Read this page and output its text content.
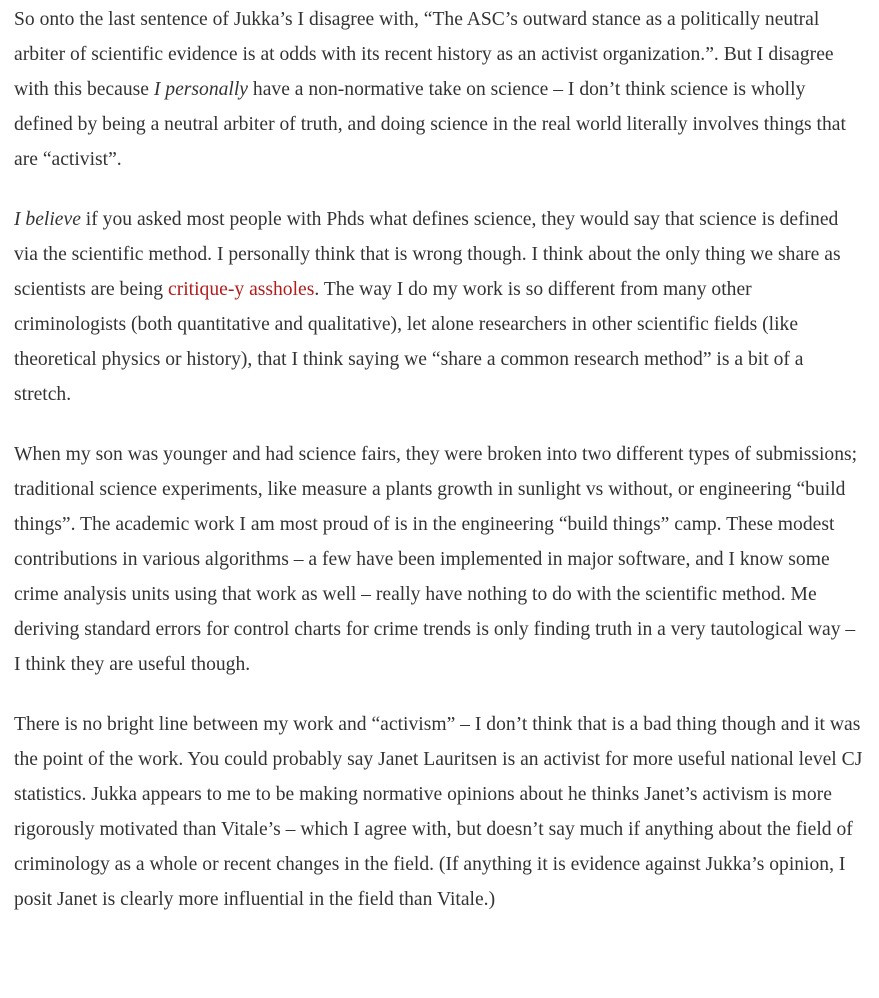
So onto the last sentence of Jukka’s I disagree with, “The ASC’s outward stance as a politically neutral arbiter of scientific evidence is at odds with its recent history as an activist organization.”. But I disagree with this because I personally have a non-normative take on science – I don’t think science is wholly defined by being a neutral arbiter of truth, and doing science in the real world literally involves things that are “activist”.

I believe if you asked most people with Phds what defines science, they would say that science is defined via the scientific method. I personally think that is wrong though. I think about the only thing we share as scientists are being critique-y assholes. The way I do my work is so different from many other criminologists (both quantitative and qualitative), let alone researchers in other scientific fields (like theoretical physics or history), that I think saying we “share a common research method” is a bit of a stretch.

When my son was younger and had science fairs, they were broken into two different types of submissions; traditional science experiments, like measure a plants growth in sunlight vs without, or engineering “build things”. The academic work I am most proud of is in the engineering “build things” camp. These modest contributions in various algorithms – a few have been implemented in major software, and I know some crime analysis units using that work as well – really have nothing to do with the scientific method. Me deriving standard errors for control charts for crime trends is only finding truth in a very tautological way – I think they are useful though.

There is no bright line between my work and “activism” – I don’t think that is a bad thing though and it was the point of the work. You could probably say Janet Lauritsen is an activist for more useful national level CJ statistics. Jukka appears to me to be making normative opinions about he thinks Janet’s activism is more rigorously motivated than Vitale’s – which I agree with, but doesn’t say much if anything about the field of criminology as a whole or recent changes in the field. (If anything it is evidence against Jukka’s opinion, I posit Janet is clearly more influential in the field than Vitale.)
